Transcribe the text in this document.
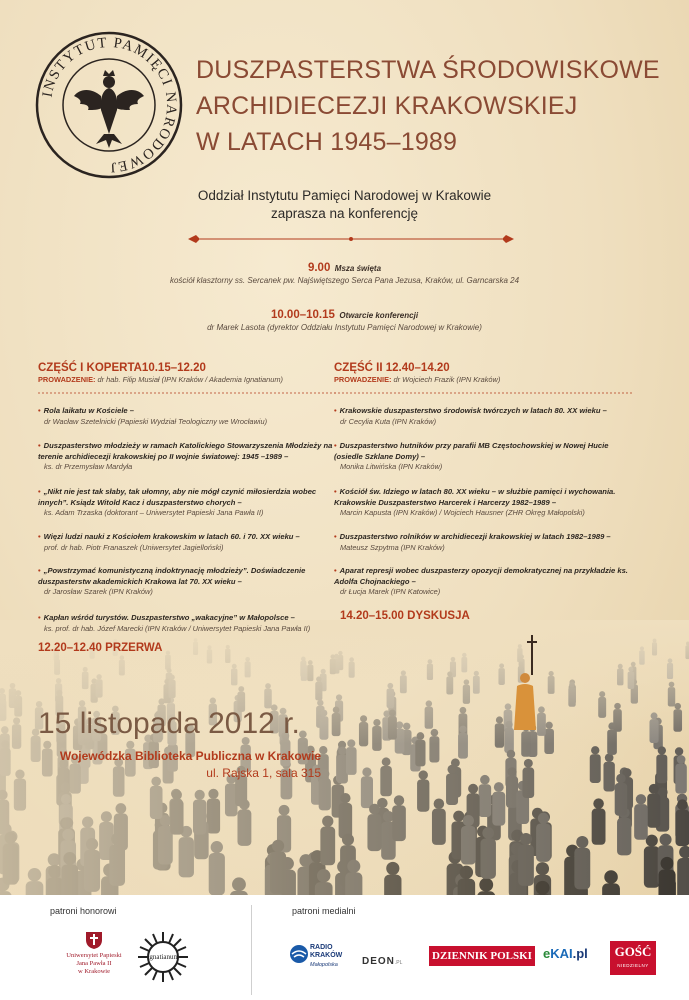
INSTYTUT PAMIĘCI NARODOWEJ
DUSZPASTERSTWA ŚRODOWISKOWE
ARCHIDIECEZJI KRAKOWSKIEJ
W LATACH 1945–1989
Oddział Instytutu Pamięci Narodowej w Krakowie
zaprasza na konferencję
9.00 Msza święta
kościół klasztorny ss. Sercanek pw. Najświętszego Serca Pana Jezusa, Kraków, ul. Garncarska 24
10.00–10.15 Otwarcie konferencji
dr Marek Lasota (dyrektor Oddziału Instytutu Pamięci Narodowej w Krakowie)
CZĘŚĆ I KOPERTA10.15–12.20
PROWADZENIE: dr hab. Filip Musiał (IPN Kraków / Akademia Ignatianum)
• Rola laikatu w Kościele –
dr Wacław Szetelnicki (Papieski Wydział Teologiczny we Wrocławiu)
• Duszpasterstwo młodzieży w ramach Katolickiego Stowarzyszenia Młodzieży na terenie archidiecezji krakowskiej po II wojnie światowej: 1945 –1989 –
ks. dr Przemysław Mardyła
• „Nikt nie jest tak słaby, tak ułomny, aby nie mógł czynić miłosierdzia wobec innych”. Ksiądz Witold Kacz i duszpasterstwo chorych –
ks. Adam Trzaska (doktorant – Uniwersytet Papieski Jana Pawła II)
• Więzi ludzi nauki z Kościołem krakowskim w latach 60. i 70. XX wieku –
prof. dr hab. Piotr Franaszek (Uniwersytet Jagielloński)
• „Powstrzymać komunistyczną indoktrynację młodzieży”. Doświadczenie duszpasterstw akademickich Krakowa lat 70. XX wieku –
dr Jarosław Szarek (IPN Kraków)
• Kapłan wśród turystów. Duszpasterstwo „wakacyjne” w Małopolsce –
ks. prof. dr hab. Józef Marecki (IPN Kraków / Uniwersytet Papieski Jana Pawła II)
12.20–12.40 PRZERWA
CZĘŚĆ II 12.40–14.20
PROWADZENIE: dr Wojciech Frazik (IPN Kraków)
• Krakowskie duszpasterstwo środowisk twórczych w latach 80. XX wieku –
dr Cecylia Kuta (IPN Kraków)
• Duszpasterstwo hutników przy parafii MB Częstochowskiej w Nowej Hucie (osiedle Szklane Domy) –
Monika Litwińska (IPN Kraków)
• Kościół św. Idziego w latach 80. XX wieku – w służbie pamięci i wychowania. Krakowskie Duszpasterstwo Harcerek i Harcerzy 1982–1989 –
Marcin Kapusta (IPN Kraków) / Wojciech Hausner (ZHR Okręg Małopolski)
• Duszpasterstwo rolników w archidiecezji krakowskiej w latach 1982–1989 –
Mateusz Szpytma (IPN Kraków)
• Aparat represji wobec duszpasterzy opozycji demokratycznej na przykładzie ks. Adolfa Chojnackiego –
dr Łucja Marek (IPN Katowice)
14.20–15.00 DYSKUSJA
15 listopada 2012 r.
Wojewódzka Biblioteka Publiczna w Krakowie
ul. Rajska 1, sala 315
patroni honorowi	patroni medialni
Uniwersytet Papieski
Jana Pawła II
w Krakowie
Ignatianum
RADIO
KRAKÓW
Małopolska DEON.PL
DZIENNIK POLSKI eKAI.pl	GOŚĆ
NIEDZIELNY
